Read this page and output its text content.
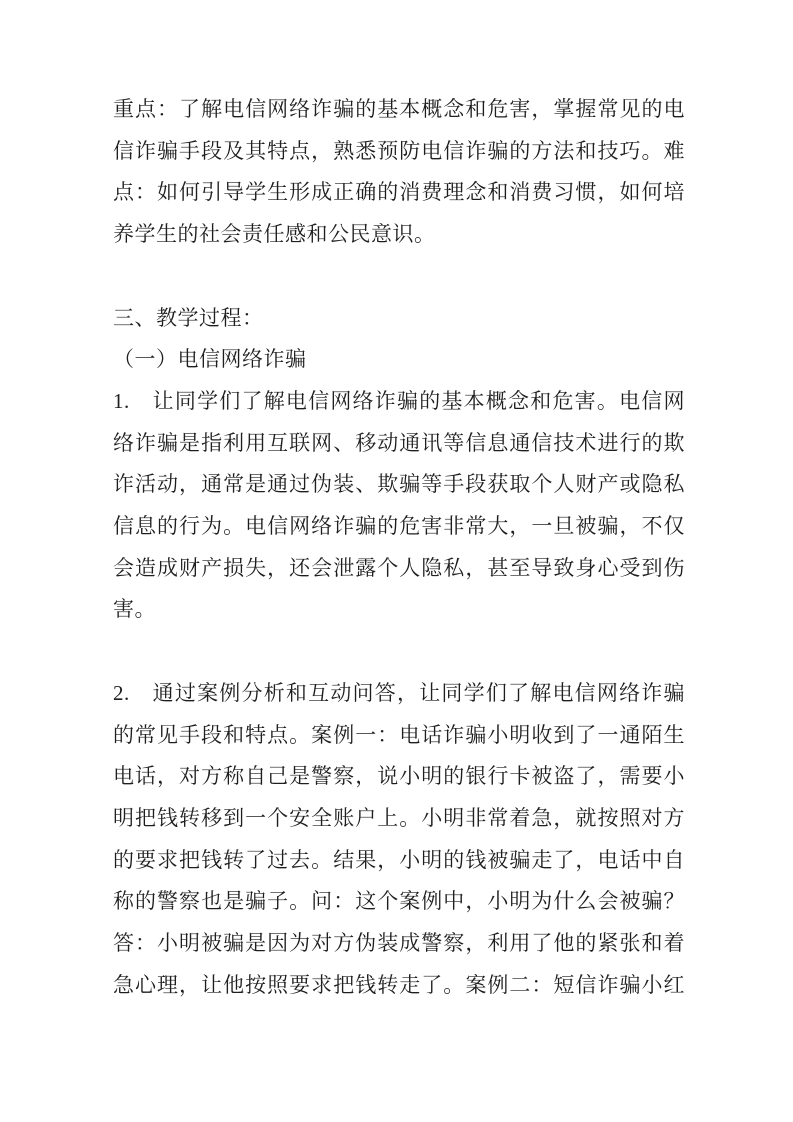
重点：了解电信网络诈骗的基本概念和危害，掌握常见的电
信诈骗手段及其特点，熟悉预防电信诈骗的方法和技巧。难
点：如何引导学生形成正确的消费理念和消费习惯，如何培
养学生的社会责任感和公民意识。

三、教学过程：

（一）电信网络诈骗

1.　让同学们了解电信网络诈骗的基本概念和危害。电信网
络诈骗是指利用互联网、移动通讯等信息通信技术进行的欺
诈活动，通常是通过伪装、欺骗等手段获取个人财产或隐私
信息的行为。电信网络诈骗的危害非常大，一旦被骗，不仅
会造成财产损失，还会泄露个人隐私，甚至导致身心受到伤
害。

2.　通过案例分析和互动问答，让同学们了解电信网络诈骗
的常见手段和特点。案例一：电话诈骗小明收到了一通陌生
电话，对方称自己是警察，说小明的银行卡被盗了，需要小
明把钱转移到一个安全账户上。小明非常着急，就按照对方
的要求把钱转了过去。结果，小明的钱被骗走了，电话中自
称的警察也是骗子。问：这个案例中，小明为什么会被骗？
答：小明被骗是因为对方伪装成警察，利用了他的紧张和着
急心理，让他按照要求把钱转走了。案例二：短信诈骗小红
